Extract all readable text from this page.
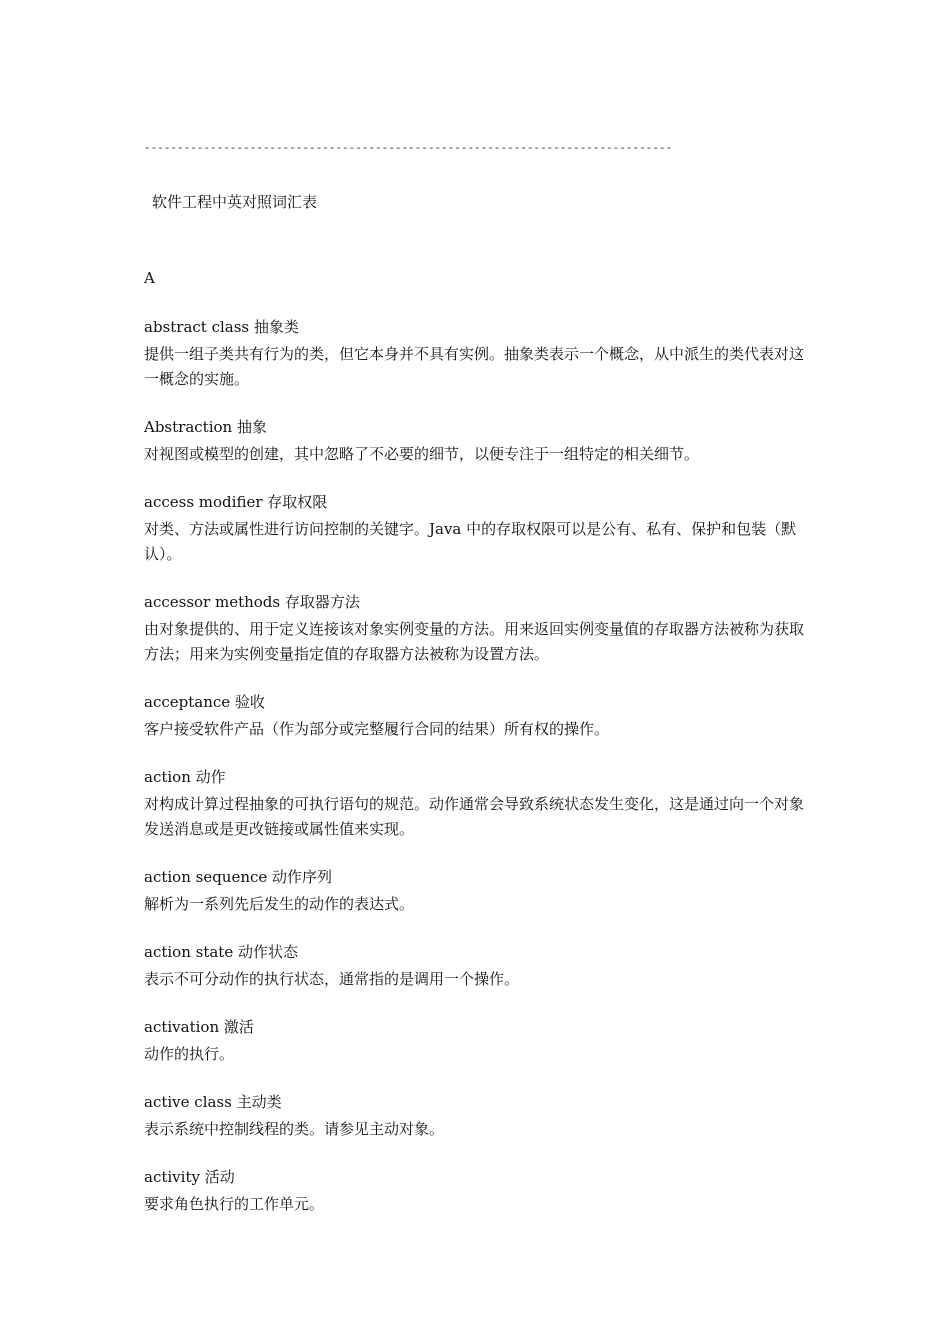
--------------------------------------------------------------------------------
软件工程中英对照词汇表
A
abstract class 抽象类

提供一组子类共有行为的类，但它本身并不具有实例。抽象类表示一个概念，从中派生的类代表对这一概念的实施。

Abstraction 抽象

对视图或模型的创建，其中忽略了不必要的细节，以便专注于一组特定的相关细节。

access modifier 存取权限

对类、方法或属性进行访问控制的关键字。Java 中的存取权限可以是公有、私有、保护和包装（默认）。

accessor methods 存取器方法

由对象提供的、用于定义连接该对象实例变量的方法。用来返回实例变量值的存取器方法被称为获取方法；用来为实例变量指定值的存取器方法被称为设置方法。

acceptance 验收

客户接受软件产品（作为部分或完整履行合同的结果）所有权的操作。

action 动作

对构成计算过程抽象的可执行语句的规范。动作通常会导致系统状态发生变化，这是通过向一个对象发送消息或是更改链接或属性值来实现。

action sequence 动作序列

解析为一系列先后发生的动作的表达式。

action state 动作状态

表示不可分动作的执行状态，通常指的是调用一个操作。

activation 激活

动作的执行。

active class 主动类

表示系统中控制线程的类。请参见主动对象。

activity 活动

要求角色执行的工作单元。
